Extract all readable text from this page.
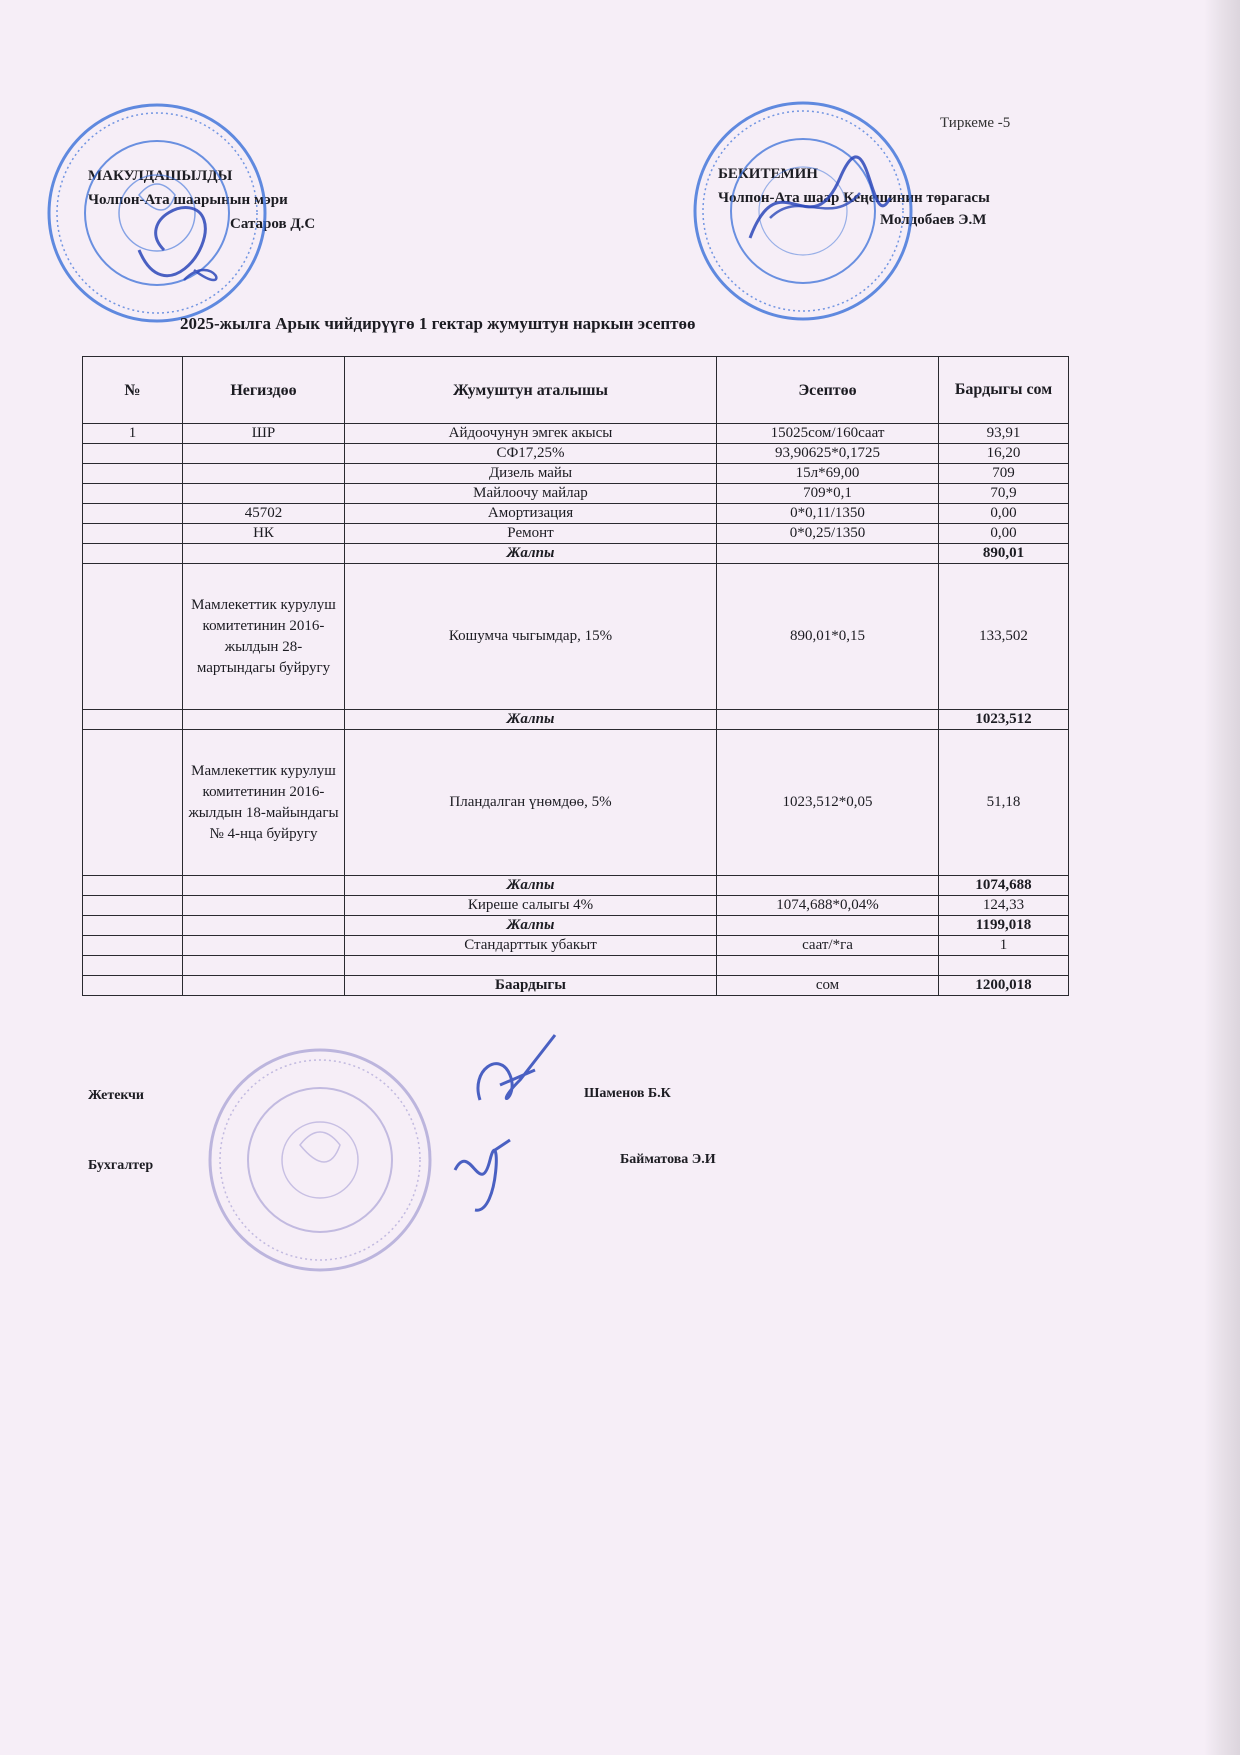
Тиркеме -5
МАКУЛДАШЫЛДЫ
Чолпон-Ата шаарынын мэри
Сатаров Д.С
БЕКИТЕМИН
Чолпон-Ата шаар Кеңешинин төрагасы
Молдобаев Э.М
2025-жылга Арык чийдирүүгө 1 гектар жумуштун наркын эсептөө
№	Негиздөө	Жумуштун аталышы	Эсептөө	Бардыгы сом
1	ШР	Айдоочунун эмгек акысы	15025сом/160саат	93,91
		СФ17,25%	93,90625*0,1725	16,20
		Дизель майы	15л*69,00	709
		Майлоочу майлар	709*0,1	70,9
	45702	Амортизация	0*0,11/1350	0,00
	НК	Ремонт	0*0,25/1350	0,00
		Жалпы		890,01
	Мамлекеттик курулуш комитетинин 2016-жылдын 28-мартындагы буйругу	Кошумча чыгымдар, 15%	890,01*0,15	133,502
		Жалпы		1023,512
	Мамлекеттик курулуш комитетинин 2016-жылдын 18-майындагы № 4-нца буйругу	Пландалган үнөмдөө, 5%	1023,512*0,05	51,18
		Жалпы		1074,688
		Киреше салыгы 4%	1074,688*0,04%	124,33
		Жалпы		1199,018
		Стандарттык убакыт	саат/*га	1

		Баардыгы	сом	1200,018
Жетекчи	Шаменов Б.К
Бухгалтер	Байматова Э.И
